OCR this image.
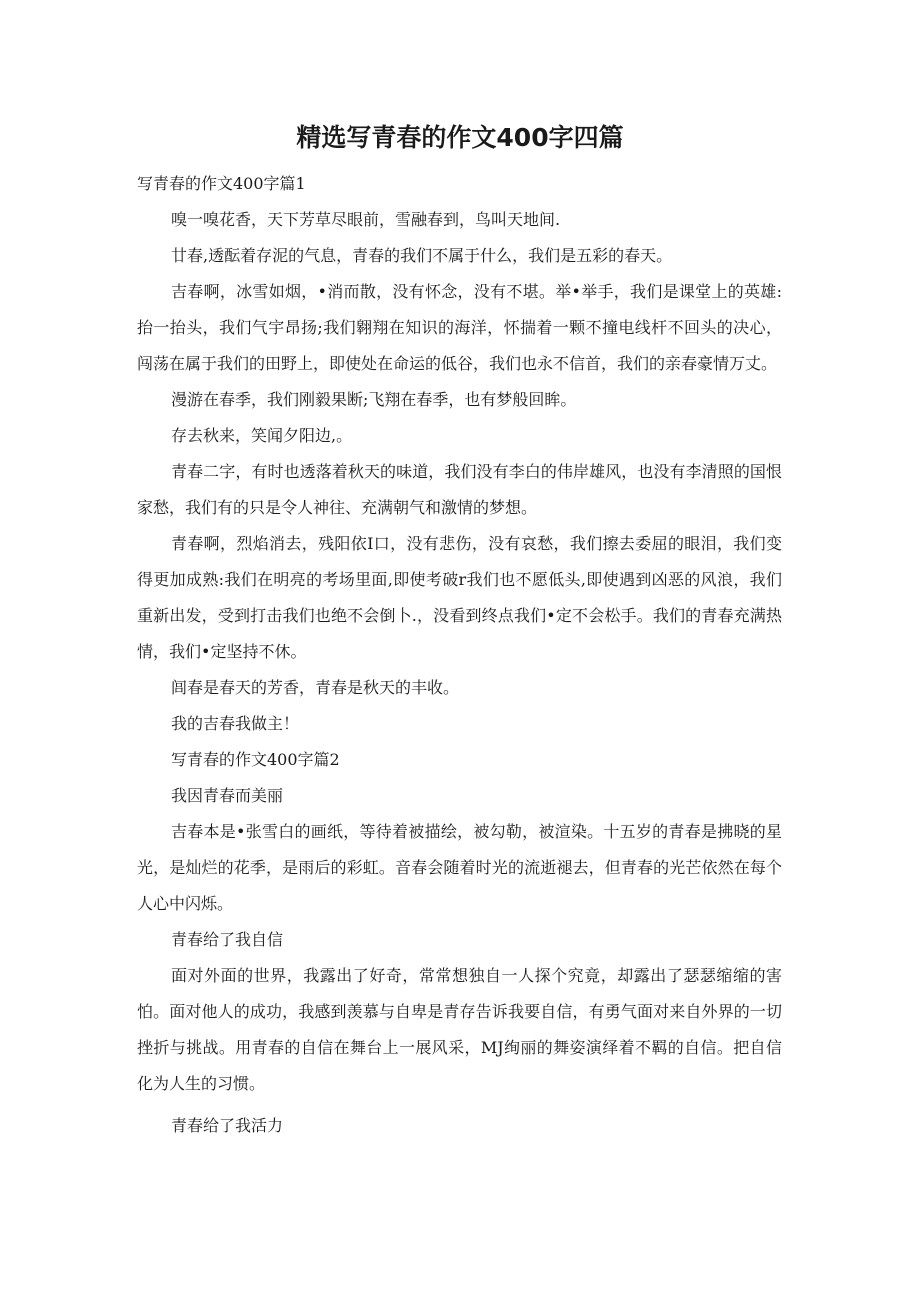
精选写青春的作文400字四篇

写青春的作文400字篇1

嗅一嗅花香，天下芳草尽眼前，雪融春到，鸟叫天地间.

廿春,透酝着存泥的气息，青春的我们不属于什么，我们是五彩的春天。

吉春啊，冰雪如烟，•消而散，没有怀念，没有不堪。举•举手，我们是课堂上的英雄:抬一抬头，我们气宇昂扬;我们翱翔在知识的海洋，怀揣着一颗不撞电线杆不回头的决心，闯荡在属于我们的田野上，即使处在命运的低谷，我们也永不信首，我们的亲春豪情万丈。

漫游在春季，我们刚毅果断;飞翔在春季，也有梦般回眸。

存去秋来，笑闻夕阳边,。

青春二字，有时也透落着秋天的味道，我们没有李白的伟岸雄风，也没有李清照的国恨家愁，我们有的只是令人神往、充满朝气和激情的梦想。

青春啊，烈焰消去，残阳依I口，没有悲伤，没有哀愁，我们擦去委屈的眼泪，我们变得更加成熟:我们在明亮的考场里面,即使考破r我们也不愿低头,即使遇到凶恶的风浪，我们重新出发，受到打击我们也绝不会倒卜.，没看到终点我们•定不会松手。我们的青春充满热情，我们•定坚持不休。

闾春是春天的芳香，青春是秋天的丰收。

我的吉春我做主！

写青春的作文400字篇2

我因青春而美丽

吉春本是•张雪白的画纸，等待着被描绘，被勾勒，被渲染。十五岁的青春是拂晓的星光，是灿烂的花季，是雨后的彩虹。音春会随着时光的流逝褪去，但青春的光芒依然在每个人心中闪烁。

青春给了我自信

面对外面的世界，我露出了好奇，常常想独自一人探个究竟，却露出了瑟瑟缩缩的害怕。面对他人的成功，我感到羡慕与自卑是青存告诉我要自信，有勇气面对来自外界的一切挫折与挑战。用青春的自信在舞台上一展风采，MJ绚丽的舞姿演绎着不羁的自信。把自信化为人生的习惯。

青春给了我活力
